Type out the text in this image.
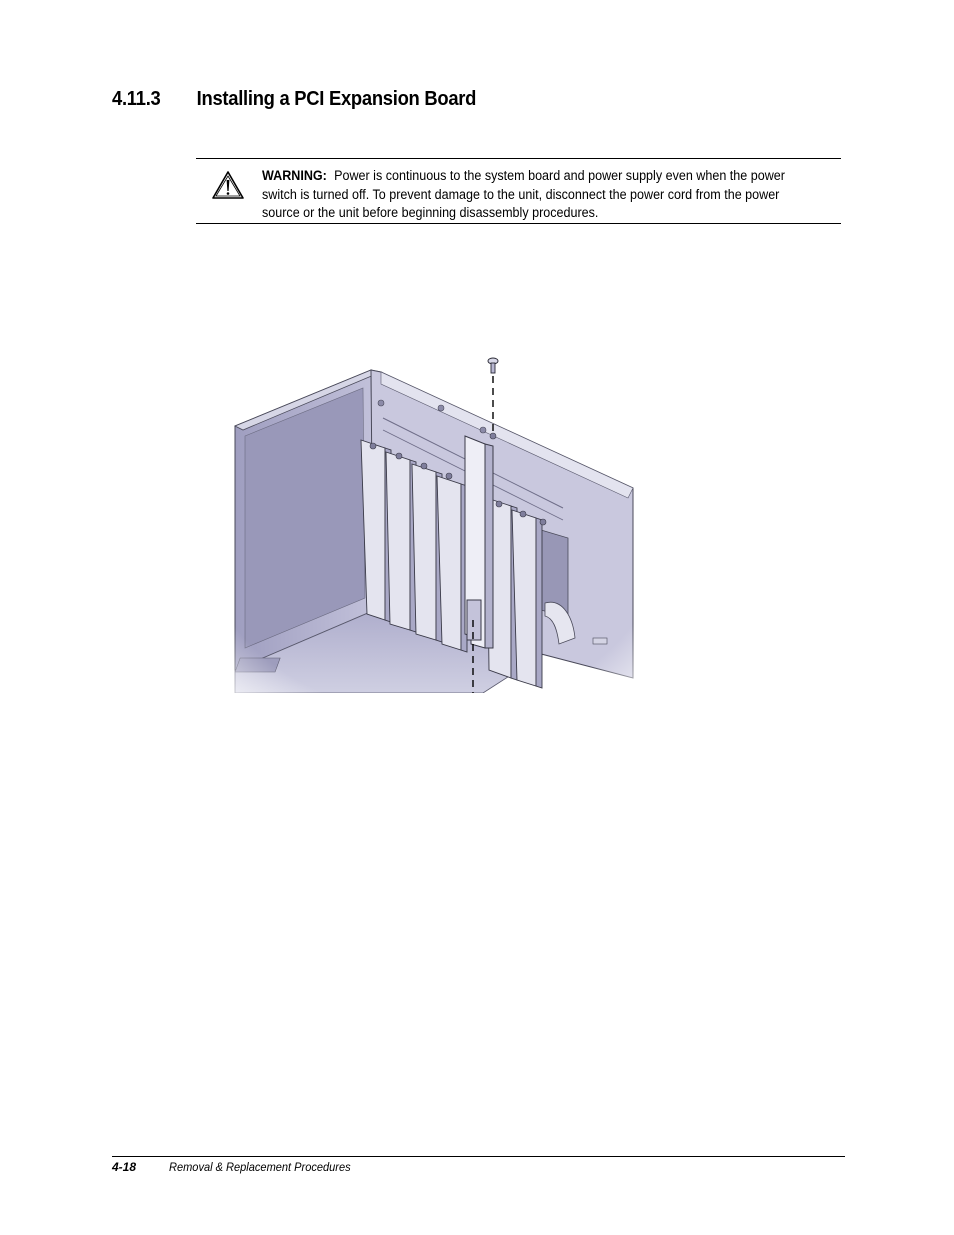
4.11.3 Installing a PCI Expansion Board
WARNING: Power is continuous to the system board and power supply even when the power switch is turned off. To prevent damage to the unit, disconnect the power cord from the power source or the unit before beginning disassembly procedures.
4-18	Removal & Replacement Procedures
